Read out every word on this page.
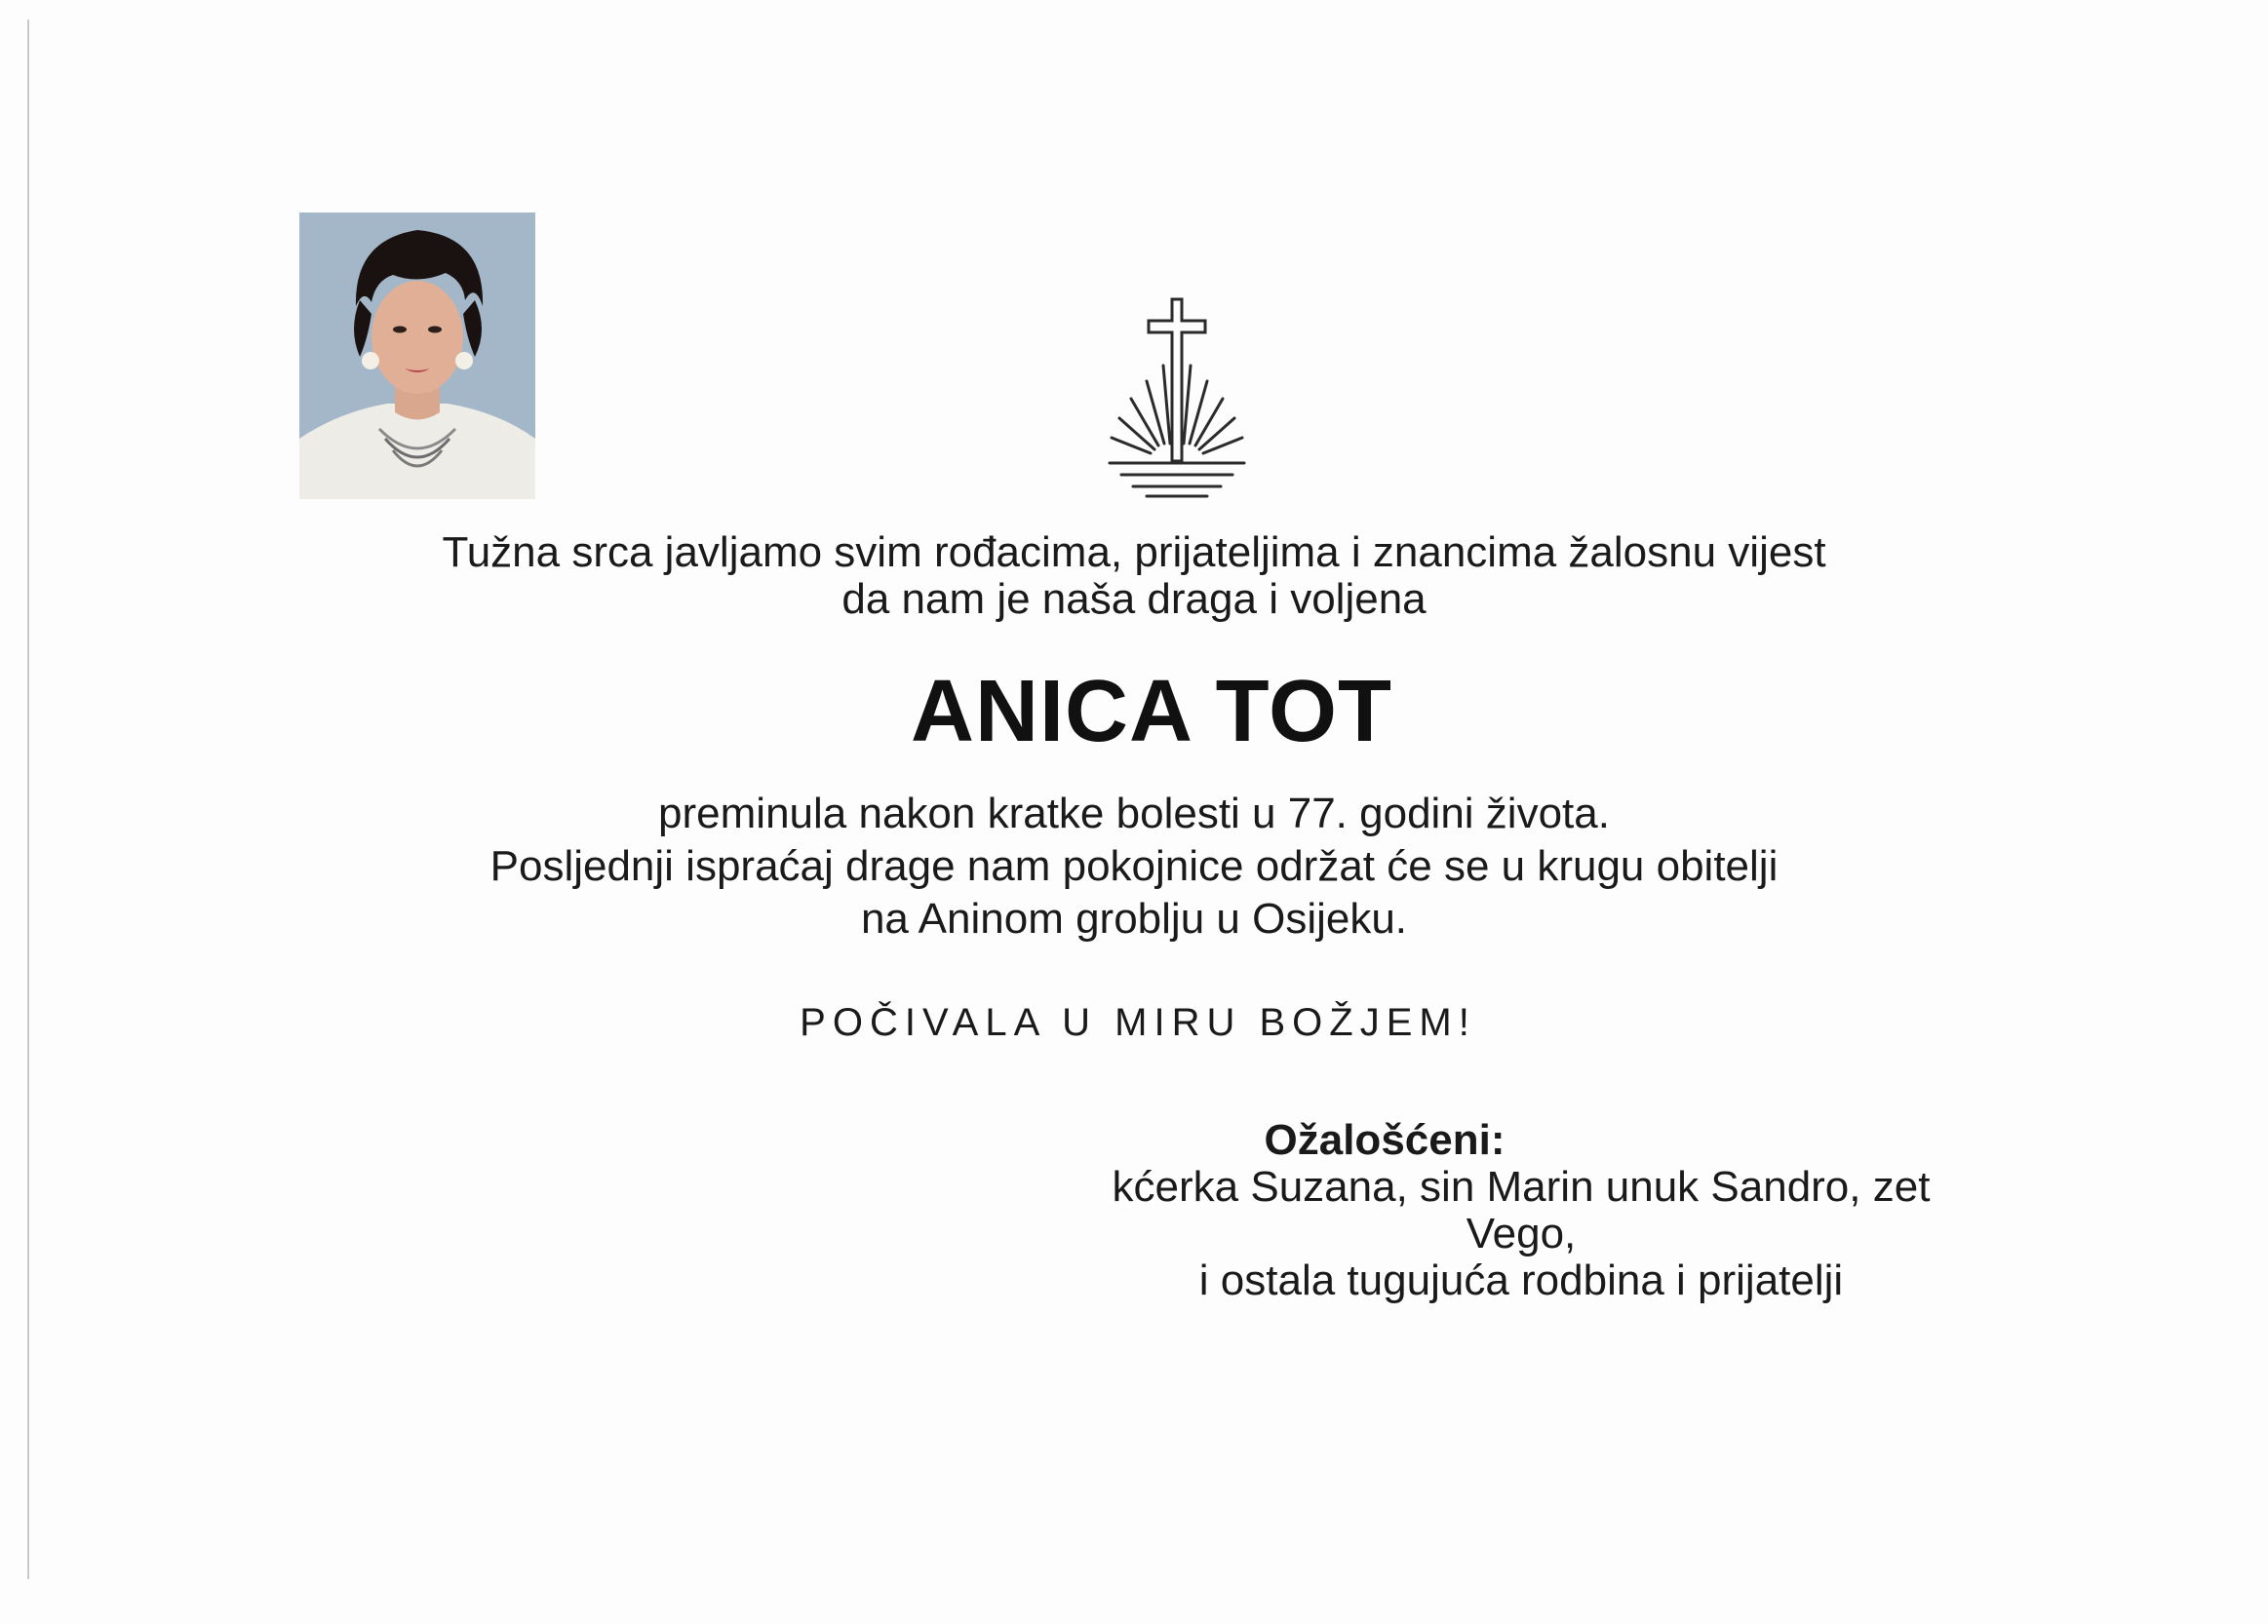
Tužna srca javljamo svim rođacima, prijateljima i znancima žalosnu vijest
da nam je naša draga i voljena
ANICA TOT
preminula nakon kratke bolesti u 77. godini života.
Posljednji ispraćaj drage nam pokojnice održat će se u krugu obitelji
na Aninom groblju u Osijeku.
POČIVALA U MIRU BOŽJEM!
Ožalošćeni:
kćerka Suzana, sin Marin unuk Sandro, zet Vego,
i ostala tugujuća rodbina i prijatelji
